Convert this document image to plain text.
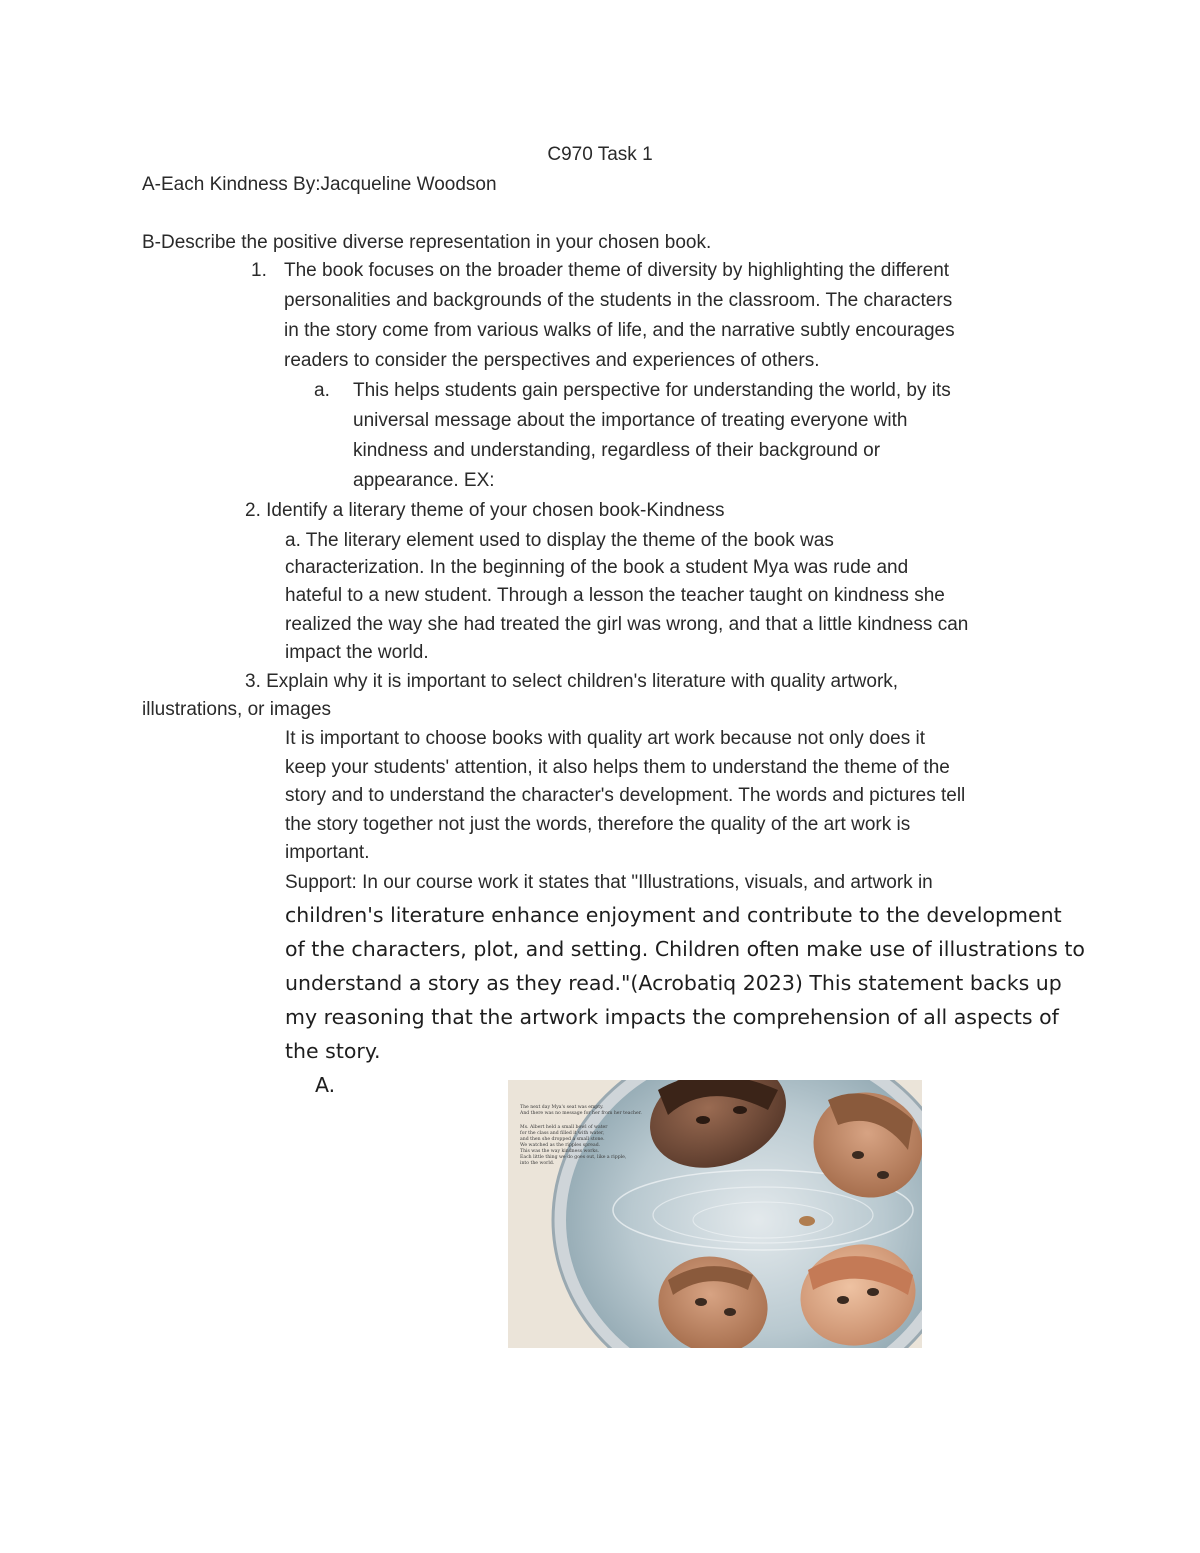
C970 Task 1
A-Each Kindness By:Jacqueline Woodson
B-Describe the positive diverse representation in your chosen book.
1. The book focuses on the broader theme of diversity by highlighting the different
personalities and backgrounds of the students in the classroom. The characters
in the story come from various walks of life, and the narrative subtly encourages
readers to consider the perspectives and experiences of others.
a. This helps students gain perspective for understanding the world, by its
universal message about the importance of treating everyone with
kindness and understanding, regardless of their background or
appearance. EX:
2. Identify a literary theme of your chosen book-Kindness
a. The literary element used to display the theme of the book was
characterization. In the beginning of the book a student Mya was rude and
hateful to a new student. Through a lesson the teacher taught on kindness she
realized the way she had treated the girl was wrong, and that a little kindness can
impact the world.
3. Explain why it is important to select children's literature with quality artwork,
illustrations, or images
It is important to choose books with quality art work because not only does it
keep your students' attention, it also helps them to understand the theme of the
story and to understand the character's development. The words and pictures tell
the story together not just the words, therefore the quality of the art work is
important.
Support: In our course work it states that "Illustrations, visuals, and artwork in
children's literature enhance enjoyment and contribute to the development
of the characters, plot, and setting. Children often make use of illustrations to
understand a story as they read."(Acrobatiq 2023) This statement backs up
my reasoning that the artwork impacts the comprehension of all aspects of
the story.
A.
The next day Mya's seat was empty.
And there was no message for her from her teacher.
Ms. Albert held a small bowl of water
for the class and filled it with water,
and then she dropped a small stone.
We watched as the ripples spread.
This was the way kindness works.
Each little thing we do goes out, like a ripple,
into the world.
